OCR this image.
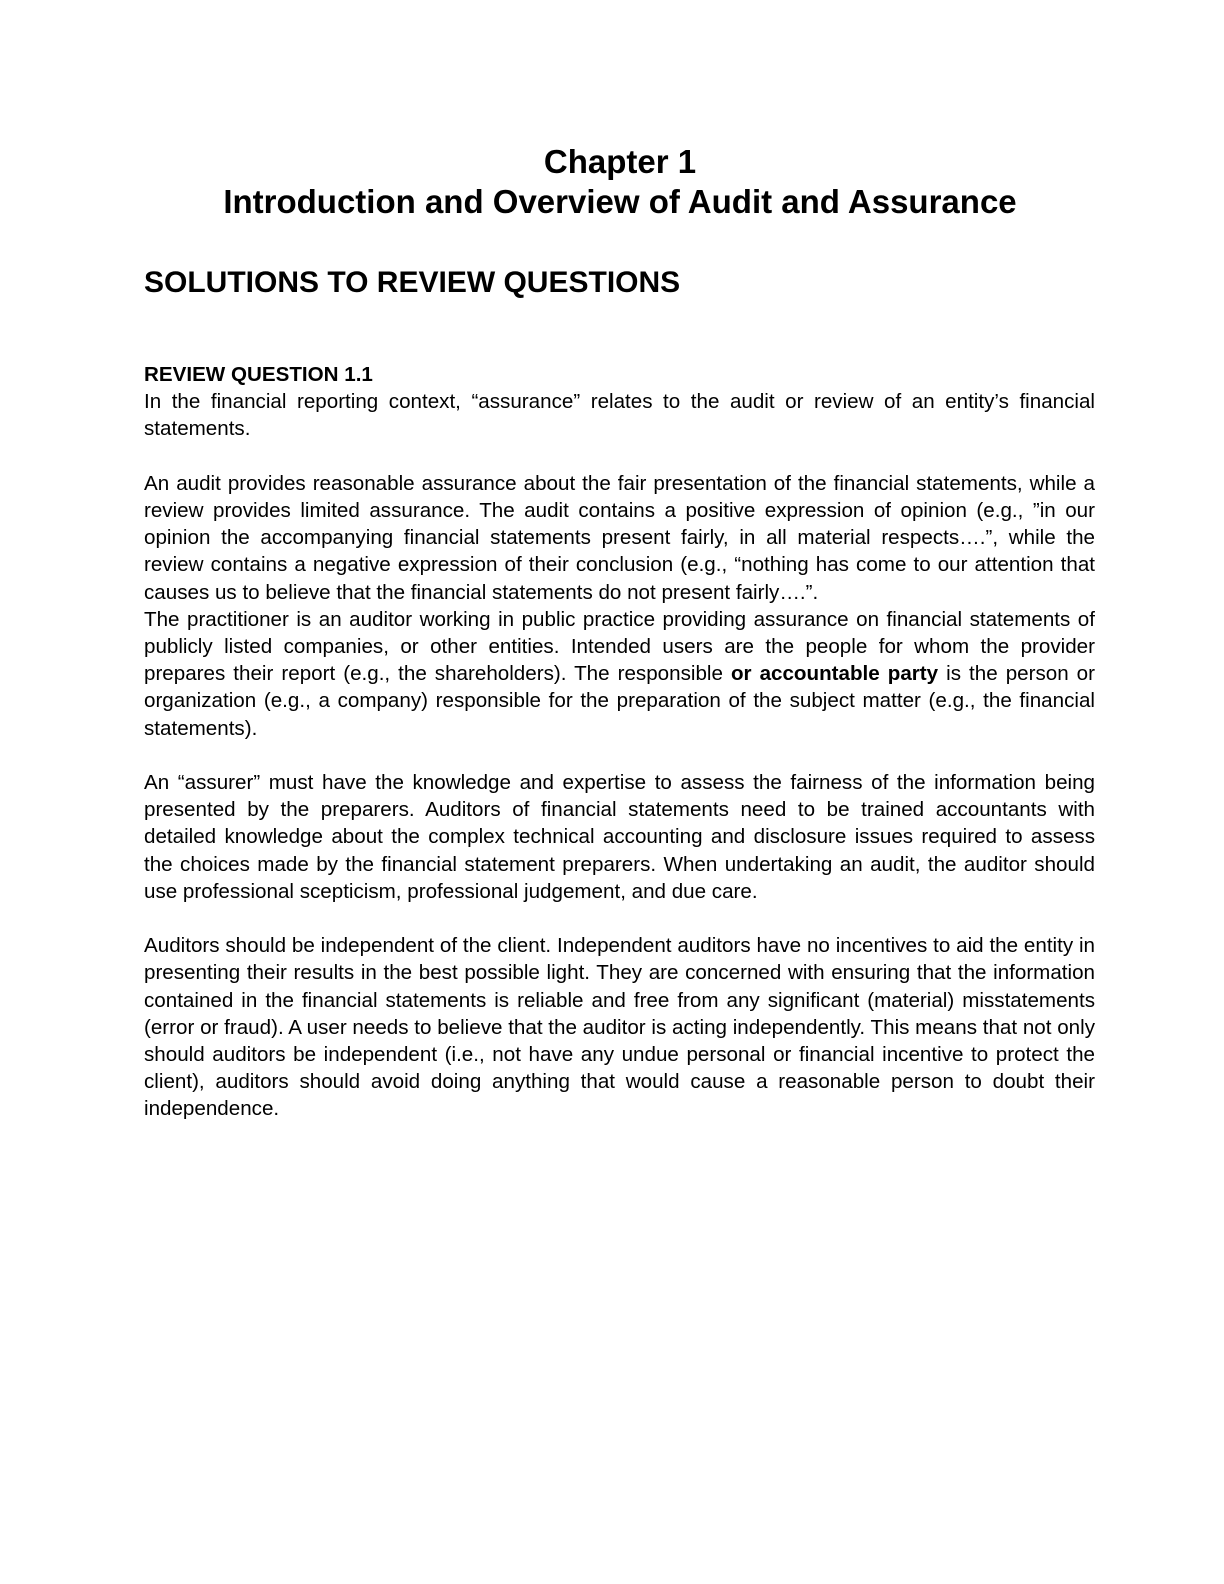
Chapter 1
Introduction and Overview of Audit and Assurance
SOLUTIONS TO REVIEW QUESTIONS
REVIEW QUESTION 1.1

In the financial reporting context, “assurance” relates to the audit or review of an entity’s financial statements.

An audit provides reasonable assurance about the fair presentation of the financial statements, while a review provides limited assurance. The audit contains a positive expression of opinion (e.g., ”in our opinion the accompanying financial statements present fairly, in all material respects….”, while the review contains a negative expression of their conclusion (e.g., “nothing has come to our attention that causes us to believe that the financial statements do not present fairly….”.

The practitioner is an auditor working in public practice providing assurance on financial statements of publicly listed companies, or other entities. Intended users are the people for whom the provider prepares their report (e.g., the shareholders). The responsible or accountable party is the person or organization (e.g., a company) responsible for the preparation of the subject matter (e.g., the financial statements).

An “assurer” must have the knowledge and expertise to assess the fairness of the information being presented by the preparers. Auditors of financial statements need to be trained accountants with detailed knowledge about the complex technical accounting and disclosure issues required to assess the choices made by the financial statement preparers. When undertaking an audit, the auditor should use professional scepticism, professional judgement, and due care.

Auditors should be independent of the client. Independent auditors have no incentives to aid the entity in presenting their results in the best possible light. They are concerned with ensuring that the information contained in the financial statements is reliable and free from any significant (material) misstatements (error or fraud). A user needs to believe that the auditor is acting independently. This means that not only should auditors be independent (i.e., not have any undue personal or financial incentive to protect the client), auditors should avoid doing anything that would cause a reasonable person to doubt their independence.
